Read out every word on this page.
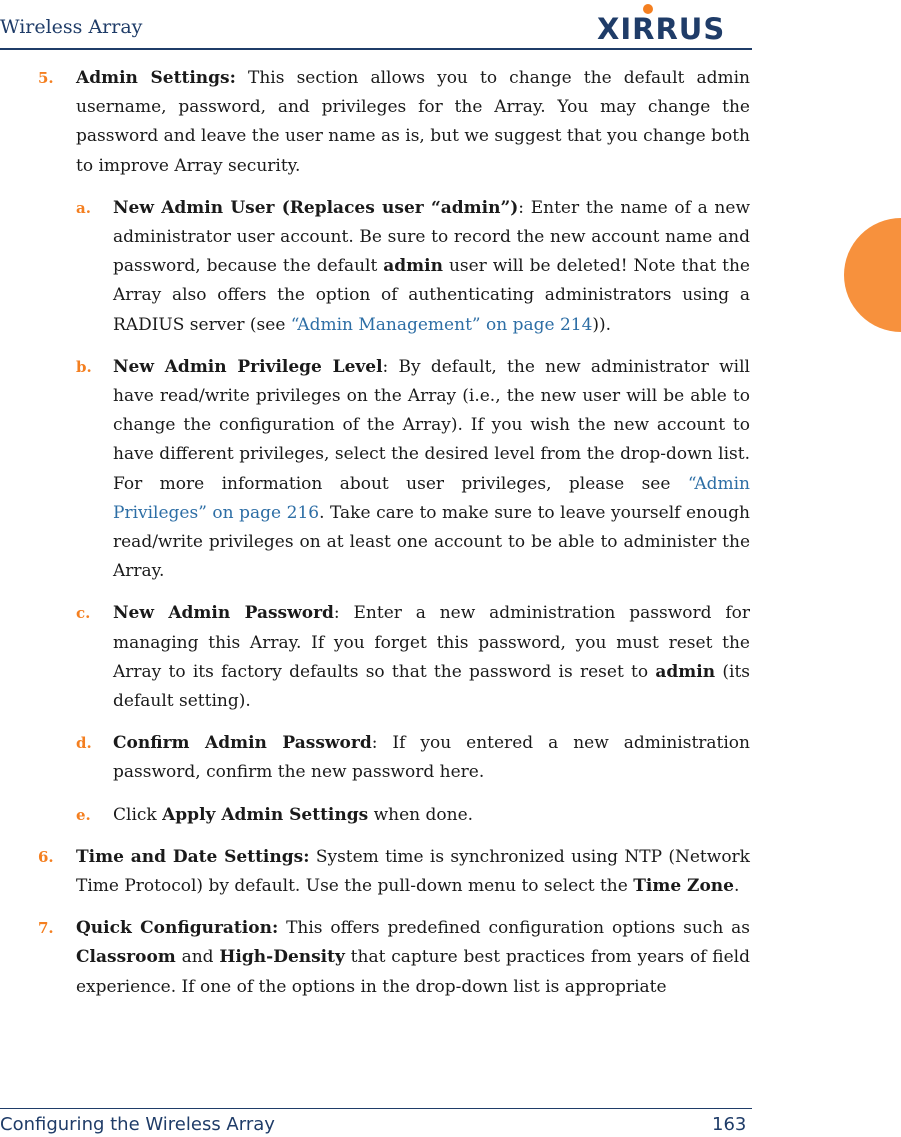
Wireless Array	XIRRUS
5. Admin Settings: This section allows you to change the default admin username, password, and privileges for the Array. You may change the password and leave the user name as is, but we suggest that you change both to improve Array security.
a. New Admin User (Replaces user “admin”): Enter the name of a new administrator user account. Be sure to record the new account name and password, because the default admin user will be deleted! Note that the Array also offers the option of authenticating administrators using a RADIUS server (see “Admin Management” on page 214)).
b. New Admin Privilege Level: By default, the new administrator will have read/write privileges on the Array (i.e., the new user will be able to change the configuration of the Array). If you wish the new account to have different privileges, select the desired level from the drop-down list. For more information about user privileges, please see “Admin Privileges” on page 216. Take care to make sure to leave yourself enough read/write privileges on at least one account to be able to administer the Array.
c. New Admin Password: Enter a new administration password for managing this Array. If you forget this password, you must reset the Array to its factory defaults so that the password is reset to admin (its default setting).
d. Confirm Admin Password: If you entered a new administration password, confirm the new password here.
e. Click Apply Admin Settings when done.
6. Time and Date Settings: System time is synchronized using NTP (Network Time Protocol) by default. Use the pull-down menu to select the Time Zone.
7. Quick Configuration: This offers predefined configuration options such as Classroom and High-Density that capture best practices from years of field experience. If one of the options in the drop-down list is appropriate
Configuring the Wireless Array	163
